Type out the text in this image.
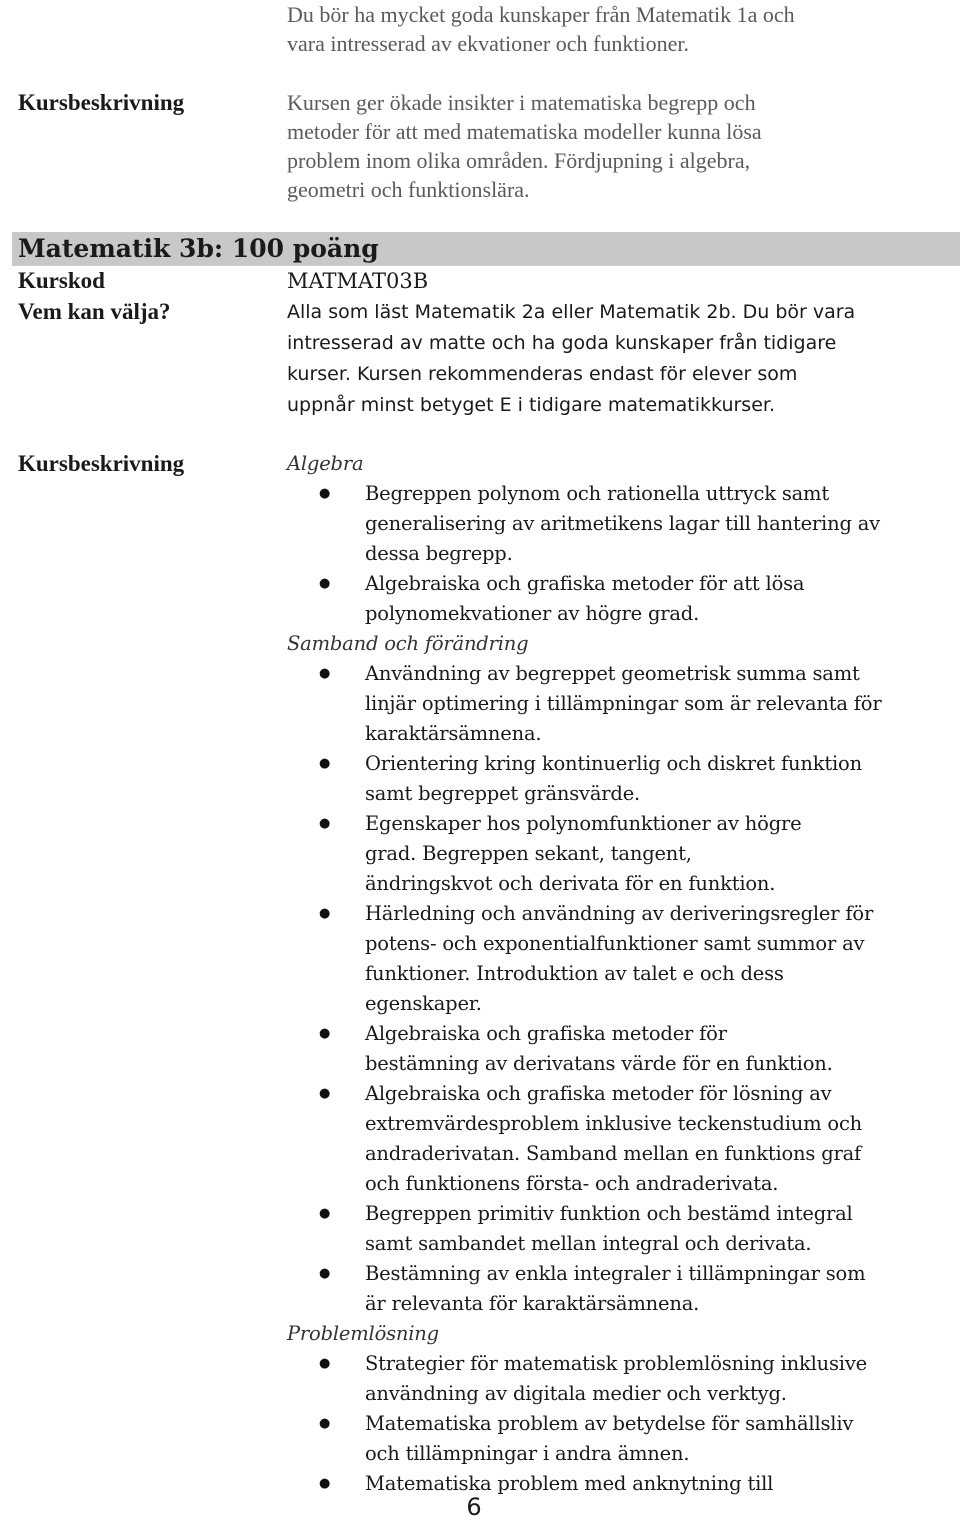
Du bör ha mycket goda kunskaper från Matematik 1a och

vara intresserad av ekvationer och funktioner.

Kursbeskrivning	Kursen ger ökade insikter i matematiska begrepp och

metoder för att med matematiska modeller kunna lösa

problem inom olika områden. Fördjupning i algebra,

geometri och funktionslära.

Matematik 3b: 100 poäng
Kurskod	MATMAT03B
Vem kan välja?	Alla som läst Matematik 2a eller Matematik 2b. Du bör vara

intresserad av matte och ha goda kunskaper från tidigare

kurser. Kursen rekommenderas endast för elever som

uppnår minst betyget E i tidigare matematikkurser.

Kursbeskrivning	Algebra

● Begreppen polynom och rationella uttryck samt
generalisering av aritmetikens lagar till hantering av
dessa begrepp.
● Algebraiska och grafiska metoder för att lösa
polynomekvationer av högre grad.

Samband och förändring

● Användning av begreppet geometrisk summa samt
linjär optimering i tillämpningar som är relevanta för
karaktärsämnena.
● Orientering kring kontinuerlig och diskret funktion
samt begreppet gränsvärde.
● Egenskaper hos polynomfunktioner av högre
grad. Begreppen sekant, tangent,
ändringskvot och derivata för en funktion.
● Härledning och användning av deriveringsregler för
potens- och exponentialfunktioner samt summor av
funktioner. Introduktion av talet e och dess
egenskaper.
● Algebraiska och grafiska metoder för
bestämning av derivatans värde för en funktion.
● Algebraiska och grafiska metoder för lösning av
extremvärdesproblem inklusive teckenstudium och
andraderivatan. Samband mellan en funktions graf
och funktionens första- och andraderivata.
● Begreppen primitiv funktion och bestämd integral
samt sambandet mellan integral och derivata.
● Bestämning av enkla integraler i tillämpningar som
är relevanta för karaktärsämnena.

Problemlösning

● Strategier för matematisk problemlösning inklusive
användning av digitala medier och verktyg.
● Matematiska problem av betydelse för samhällsliv
och tillämpningar i andra ämnen.
● Matematiska problem med anknytning till
6
